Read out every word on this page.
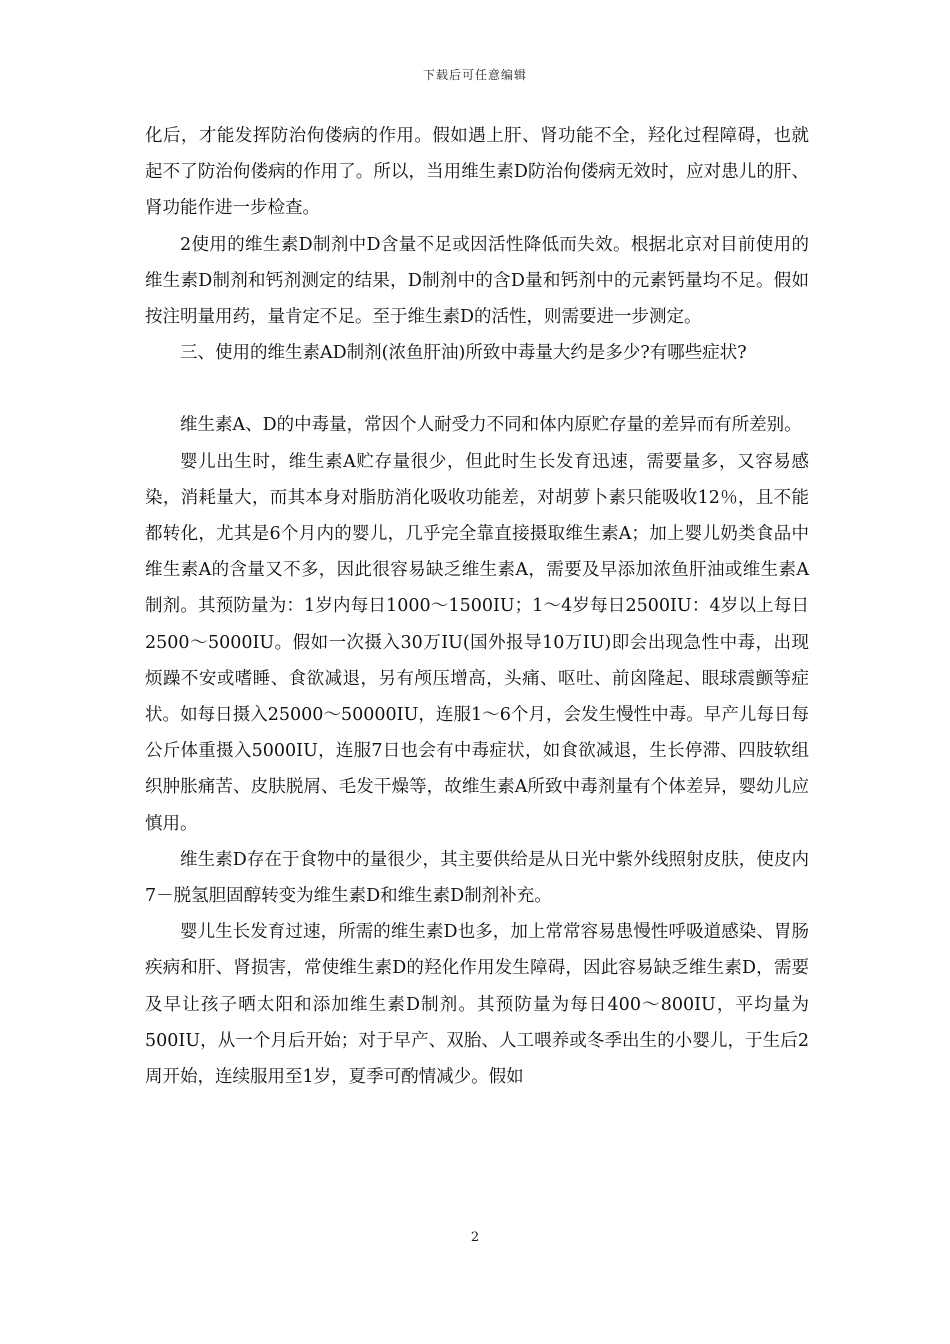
下载后可任意编辑

化后，才能发挥防治佝偻病的作用。假如遇上肝、肾功能不全，羟化过程障碍，也就起不了防治佝偻病的作用了。所以，当用维生素D防治佝偻病无效时，应对患儿的肝、肾功能作进一步检查。

2使用的维生素D制剂中D含量不足或因活性降低而失效。根据北京对目前使用的维生素D制剂和钙剂测定的结果，D制剂中的含D量和钙剂中的元素钙量均不足。假如按注明量用药，量肯定不足。至于维生素D的活性，则需要进一步测定。

三、使用的维生素AD制剂(浓鱼肝油)所致中毒量大约是多少?有哪些症状?

维生素A、D的中毒量，常因个人耐受力不同和体内原贮存量的差异而有所差别。

婴儿出生时，维生素A贮存量很少，但此时生长发育迅速，需要量多，又容易感染，消耗量大，而其本身对脂肪消化吸收功能差，对胡萝卜素只能吸收12％，且不能都转化，尤其是6个月内的婴儿，几乎完全靠直接摄取维生素A；加上婴儿奶类食品中维生素A的含量又不多，因此很容易缺乏维生素A，需要及早添加浓鱼肝油或维生素A制剂。其预防量为：1岁内每日1000～1500IU；1～4岁每日2500IU：4岁以上每日2500～5000IU。假如一次摄入30万IU(国外报导10万IU)即会出现急性中毒，出现烦躁不安或嗜睡、食欲减退，另有颅压增高，头痛、呕吐、前囟隆起、眼球震颤等症状。如每日摄入25000～50000IU，连服1～6个月，会发生慢性中毒。早产儿每日每公斤体重摄入5000IU，连服7日也会有中毒症状，如食欲减退，生长停滞、四肢软组织肿胀痛苦、皮肤脱屑、毛发干燥等，故维生素A所致中毒剂量有个体差异，婴幼儿应慎用。

维生素D存在于食物中的量很少，其主要供给是从日光中紫外线照射皮肤，使皮内7－脱氢胆固醇转变为维生素D和维生素D制剂补充。

婴儿生长发育过速，所需的维生素D也多，加上常常容易患慢性呼吸道感染、胃肠疾病和肝、肾损害，常使维生素D的羟化作用发生障碍，因此容易缺乏维生素D，需要及早让孩子晒太阳和添加维生素D制剂。其预防量为每日400～800IU，平均量为500IU，从一个月后开始；对于早产、双胎、人工喂养或冬季出生的小婴儿，于生后2周开始，连续服用至1岁，夏季可酌情减少。假如

2
